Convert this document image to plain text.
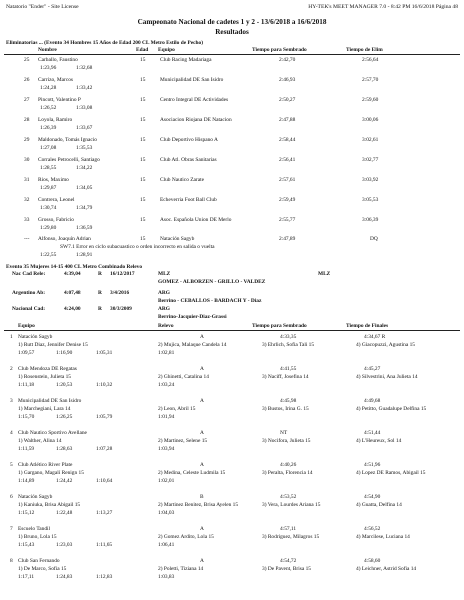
Natatorio "Ender" - Site License	HY-TEK's MEET MANAGER 7.0 - 8:42 PM 16/6/2018 Página 48
Campeonato Nacional de cadetes 1 y 2 - 13/6/2018 a 16/6/2018
Resultados
Eliminatorias ... (Evento 34 Hombres 15 Años de Edad 200 CL Metro Estilo de Pecho)
Nombre	Edad Equipo	Tiempo para Sembrado	Tiempo de Elim
25 Carballo, Faustino	15	Club Racing Madariaga	2:42,70	2:56,64
1:23,96	1:32,68
26 Carrizo, Marcos	15	Municipalidad DE San Isidro	2:46,93	2:57,70
1:24,28	1:33,42
27 Pincott, Valentino P	15	Centro Integral DE Actividades	2:50,27	2:59,60
1:26,52	1:33,08
28 Loyola, Ramiro	15	Asociacion Riojana DE Natacion	2:47,88	3:00,06
1:26,39	1:33,67
29 Maldonado, Tomás Ignacio	15	Club Deportivo Hispano A	2:58,44	3:02,61
1:27,08	1:35,53
30 Corrales Petrocelli, Santiago	15	Club Atl. Obras Sanitarias	2:56,41	3:02,77
1:28,55	1:34,22
31 Rios, Maximo	15	Club Nautico Zarate	2:57,61	3:03,92
1:29,87	1:34,05
32 Contrera, Leonel	15	Echeverria Foot Ball Club	2:59,49	3:05,53
1:30,74	1:34,79
33 Grosso, Fabricio	15	Asoc. Española Union DE Merlo	2:55,77	3:06,39
1:29,80	1:36,59
--- Alfonso, Joaquín Adrian	15	Natación Sagyb	2:47,89	DQ
SW7.1 Error en ciclo subacuastico o orden incorrecto en salida o vuelta
1:22,55	1:28,91
Evento 35 Mujeres 14-15 400 CL Metro Combinado Relevo
Nac Cad Rele:	4:39,04	R 16/12/2017	MLZ	MLZ
GOMEZ - ALBORZEN - GRILLO - VALDEZ
Argentino Ab:	4:07,48	R 3/4/2016	ARG
Berrino - CEBALLOS - BARDACH Y - Diaz
Nacional Cad:	4:24,00	R 30/3/2009	ARG
Berrino-Jacquier-Diaz-Grassi
Equipo	Relevo	Tiempo para Sembrado	Tiempo de Finales
1 Natación Sagyb	A	4:33,35	4:34,67 R
1) Rutt Diaz, Jennifer Denise 15	2) Mujica, Malaque Candela 14	3) Ehrlich, Sofia Tali 15	4) Giacopuzzi, Agustina 15
1:09,57	1:16,90	1:05,31	1:02,81
2 Club Mendoza DE Regatas	A	4:41,55	4:45,27
1) Rosenstein, Julieta 15	2) Ghinetti, Catalina 14	3) Naciff, Josefina 14	4) Silvestrini, Ana Julieta 14
1:11,18	1:20,53	1:10,32	1:03,24
3 Municipalidad DE San Isidro	A	4:45,98	4:49,68
1) Marchegiani, Lara 14	2) Leon, Abril 15	3) Bustos, Irina G. 15	4) Petitto, Guadalupe Delfina 15
1:15,70	1:26,25	1:05,79	1:01,94
4 Club Nautico Sportivo Avellane	A	NT	4:51,44
1) Walther, Alina 14	2) Martinez, Selene 15	3) Nocifora, Julieta 15	4) L'Heureux, Sol 14
1:11,59	1:28,63	1:07,28	1:03,94
5 Club Atlético River Plate	A	4:40,26	4:51,96
1) Gargano, Magalí Renign 15	2) Medina, Celeste Ludmila 15	3) Peralta, Florencia 14	4) Lopez DE Ramos, Abigail 15
1:14,89	1:24,42	1:10,64	1:02,01
6 Natación Sagyb	B	4:53,52	4:54,90
1) Kaniuka, Brisa Abigail 15	2) Martinez Benitez, Brisa Ayelen 15	3) Vera, Lourdes Ariana 15	4) Guatta, Delfina 14
1:15,12	1:22,48	1:13,27	1:04,03
7 Escuelo Tandil	A	4:57,11	4:56,52
1) Bruno, Lola 15	2) Gomez Ardito, Lola 15	3) Rodriguez, Milagros 15	4) Marcilese, Luciana 14
1:15,43	1:23,03	1:11,65	1:06,41
8 Club San Fernando	A	4:54,72	4:58,60
1) De Marco, Sofia 15	2) Poletti, Tiziana 14	3) De Pavent, Brisa 15	4) Leichner, Astrid Sofia 14
1:17,11	1:24,83	1:12,83	1:03,83
